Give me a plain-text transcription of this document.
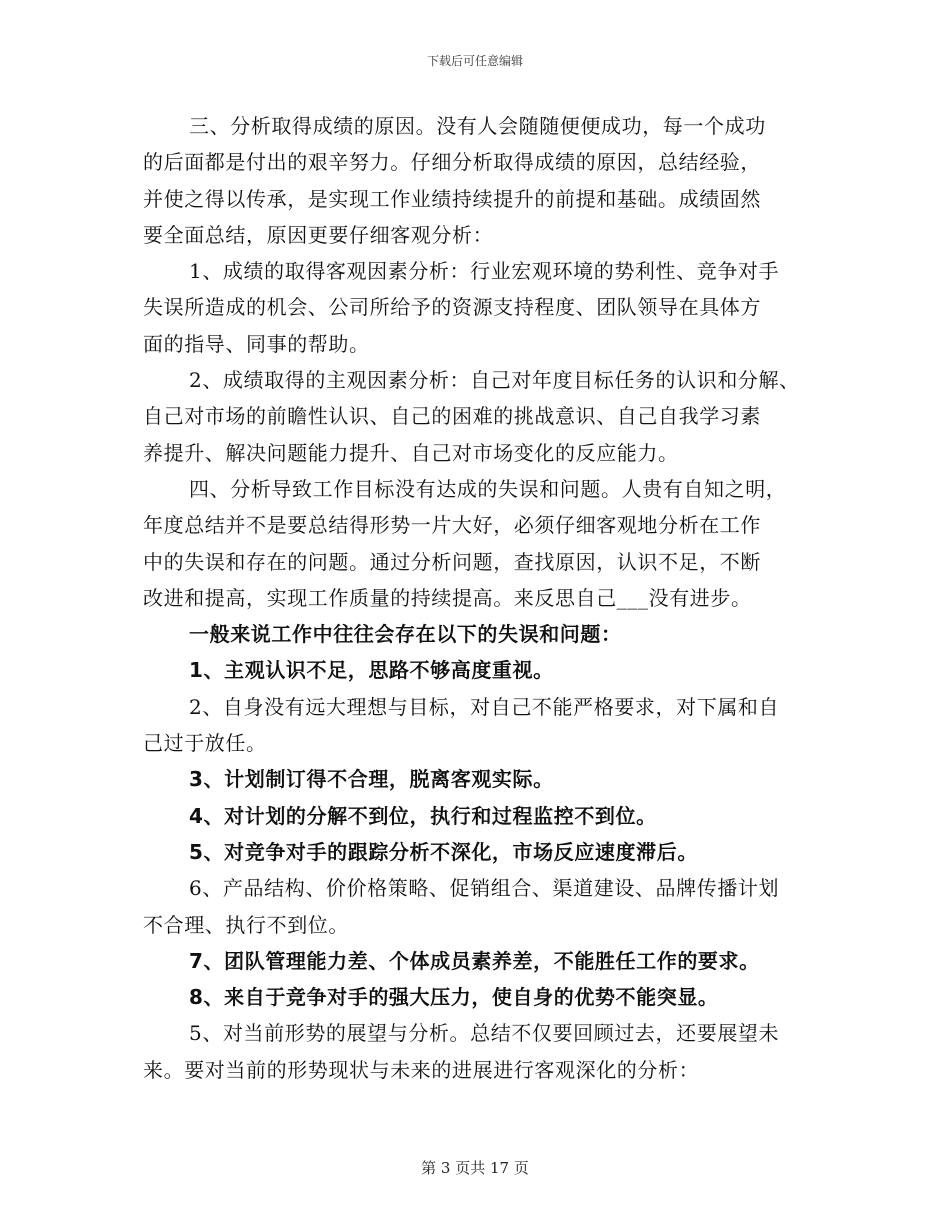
下载后可任意编辑
三、分析取得成绩的原因。没有人会随随便便成功，每一个成功
的后面都是付出的艰辛努力。仔细分析取得成绩的原因，总结经验，
并使之得以传承，是实现工作业绩持续提升的前提和基础。成绩固然
要全面总结，原因更要仔细客观分析：
1、成绩的取得客观因素分析：行业宏观环境的势利性、竞争对手
失误所造成的机会、公司所给予的资源支持程度、团队领导在具体方
面的指导、同事的帮助。
2、成绩取得的主观因素分析：自己对年度目标任务的认识和分解、
自己对市场的前瞻性认识、自己的困难的挑战意识、自己自我学习素
养提升、解决问题能力提升、自己对市场变化的反应能力。
四、分析导致工作目标没有达成的失误和问题。人贵有自知之明，
年度总结并不是要总结得形势一片大好，必须仔细客观地分析在工作
中的失误和存在的问题。通过分析问题，查找原因，认识不足，不断
改进和提高，实现工作质量的持续提高。来反思自己___没有进步。
一般来说工作中往往会存在以下的失误和问题：
1、主观认识不足，思路不够高度重视。
2、自身没有远大理想与目标，对自己不能严格要求，对下属和自
己过于放任。
3、计划制订得不合理，脱离客观实际。
4、对计划的分解不到位，执行和过程监控不到位。
5、对竞争对手的跟踪分析不深化，市场反应速度滞后。
6、产品结构、价价格策略、促销组合、渠道建设、品牌传播计划
不合理、执行不到位。
7、团队管理能力差、个体成员素养差，不能胜任工作的要求。
8、来自于竞争对手的强大压力，使自身的优势不能突显。
5、对当前形势的展望与分析。总结不仅要回顾过去，还要展望未
来。要对当前的形势现状与未来的进展进行客观深化的分析：
第 3 页共 17 页
